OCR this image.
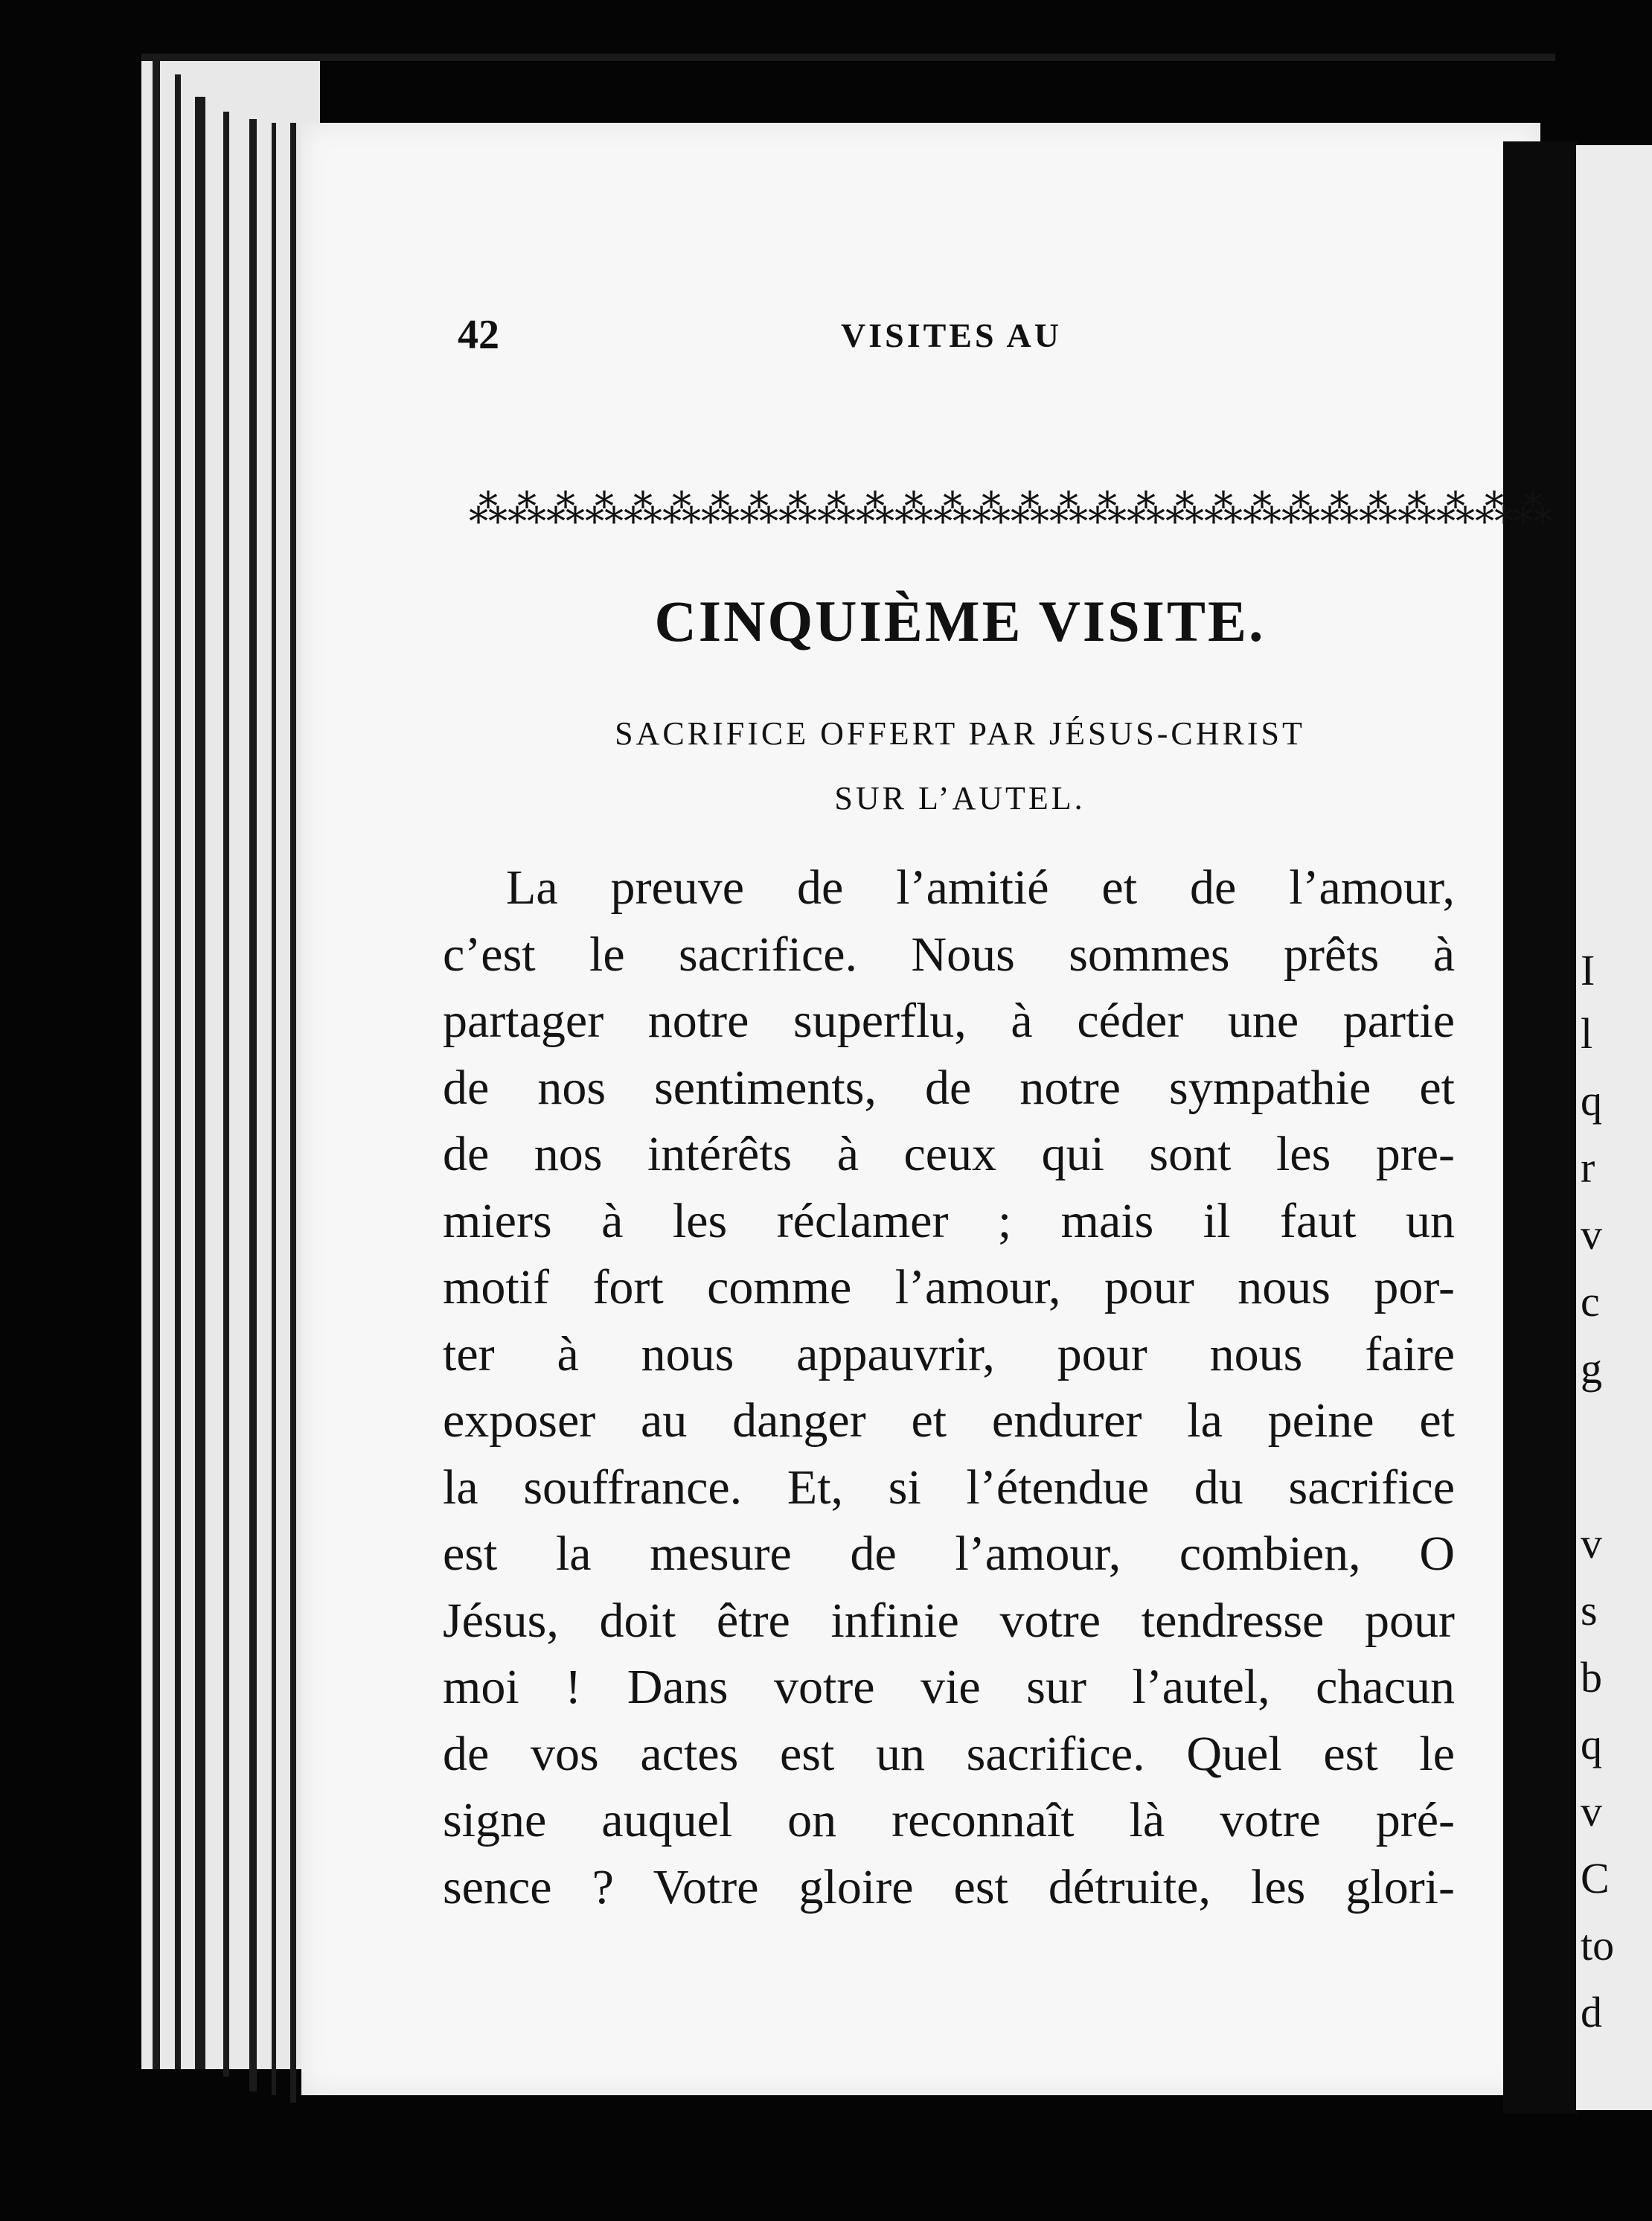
I
l
q
r
v
c
g
v
s
b
q
v
C
to
d
42	VISITES AU
⁂ ⁂ ⁂ ⁂ ⁂ ⁂ ⁂ ⁂ ⁂ ⁂ ⁂ ⁂ ⁂ ⁂ ⁂ ⁂ ⁂ ⁂ ⁂ ⁂ ⁂ ⁂ ⁂ ⁂ ⁂ ⁂ ⁂ ⁂
CINQUIÈME VISITE.
SACRIFICE OFFERT PAR JÉSUS-CHRIST
SUR L’AUTEL.
La preuve de l’amitié et de l’amour,
c’est le sacrifice. Nous sommes prêts à
partager notre superflu, à céder une partie
de nos sentiments, de notre sympathie et
de nos intérêts à ceux qui sont les pre-
miers à les réclamer ; mais il faut un
motif fort comme l’amour, pour nous por-
ter à nous appauvrir, pour nous faire
exposer au danger et endurer la peine et
la souffrance. Et, si l’étendue du sacrifice
est la mesure de l’amour, combien, O
Jésus, doit être infinie votre tendresse pour
moi ! Dans votre vie sur l’autel, chacun
de vos actes est un sacrifice. Quel est le
signe auquel on reconnaît là votre pré-
sence ? Votre gloire est détruite, les glori-
